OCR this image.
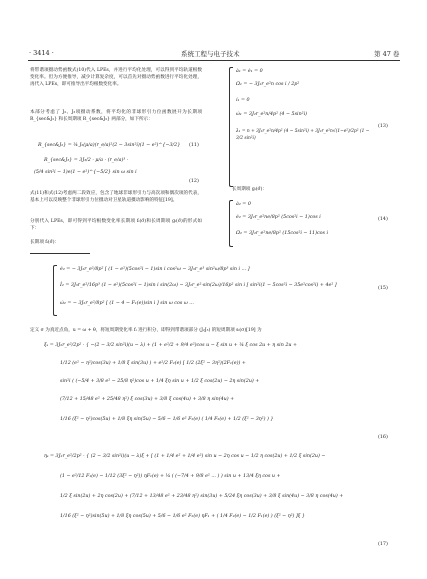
· 3414 ·	系统工程与电子技术	第 47 卷
将带谐项摄动势函数式(10)代入 LPEs，并进行平均化处理，可以得到平均轨道根数变化率。但为方便推导，减少计算复杂度，可以首先对摄动势函数进行平均化处理，再代入 LPEs，即可推导出平均根数变化率。
本部分考虑了 J₂、J₃项摄动系数，将平均化的非球形引力位函数展开为长期项 R_{sec&J₂} 和长周期项 R_{sec&J₃} 两部分，如下所示：
R_{sec&J₂} = ¼ J₂(μ/a)(r_e/a)²(2 − 3sin²i)(1 − e²)^{−3/2} (11)
R_{sec&J₃} = 3J₃/2 · μ/a · (r_e/a)³ ·
(5/4 sin²i − 1)e(1 − e²)^{−5/2} sin ω sin i
(12)
式(11)和式(12)考虑两二段效应，包含了地球非球形引力与高次项和偶次项的代表，基本上可以反映整个非球形引力位摄动对卫星轨道摄动影响的特征[19]。
分别代入 LPEs，即可得到平均根数变化率长期项 fᵢ(σ̄)和长周期项 gᵢ(σ̄)的形式如下：
长期项 fᵢ(σ̄)：
ȧ₁ = ė₁ = 0
Ω̇₁ = − 3J₂r_e²n cos i / 2p²
i̇₁ = 0
ω̇₁ = 3J₂r_e²n/4p² (4 − 5sin²i)
λ̇₁ = n + 3J₂r_e²n/4p² (4 − 5sin²i) + 3J₂r_e²n√(1−e²)/2p² (1 − 3/2 sin²i)
(13)
长周期项 gᵢ(σ̄)：
ȧ₂ = 0
ė₂ = 3J₂r_e²ne/8p² (5cos²i − 1)cos i
Ω̇₂ = 3J₂r_e²ne/8p² (15cos²i − 11)cos i
(14)
ė₂ = − 3J₂r_e²/8p² [ (1 − e²)(5cos²i − 1)sin i cos²ω − 3J₃r_e³ sin²ω/8p³ sin i ... ]
İ₂ = 3J₃r_e²/16p³ (1 − e²)(5cos²i − 1)sin i sin(2ω) − 3J₂r_e²·sin(2ω)/16p² sin i [ sin²i(1 − 5cos²i − 35e²cos²i) + 4e² ]
ω̇₂ = − 3J₂r_e²/8p² [ (1 − 4 − F₁(e))sin i ] sin ω cos ω ...
(15)
定义 σ 为真近点角，u = ω + θ，将短周期变化率 fᵢ 进行积分，即得到带谐项部分 (J₂J₃) 的短周期项 sᵢ(σ)[19] 为
ξₛ = 3J₂r_e²/2p² · { −(2 − 3/2 sin²i)(u − λ) + (1 + e²/2 + 9/4 e²)cos u − ξ sin u + ¼ ξ cos 2u + η sin 2u +
1/12 (e² − η²)cos(3u) + 1/8 ξ sin(3u) ) + e²/2 F₂(e) [ 1/2 (2ξ² − 3η²)(2F₁(e)) +
sin²i ( (−5/4 + 3/8 e² − 25/8 η²)cos u + 1/4 ξη sin u + 1/2 ξ cos(2u) − 2η sin(2u) +
(7/12 + 15/48 e² + 25/48 η²) ξ cos(3u) + 3/8 ξ cos(4u) + 3/8 η sin(4u) +
1/16 (ξ² − η²)cos(5u) + 1/8 ξη sin(5u) − 5/6 − 1/6 e² F₂(e) ( 1/4 F₂(e) + 1/2 (ξ² − 3η²) ) }
(16)
ηₛ = 3J₂r_e²/2p² · { (2 − 3/2 sin²i)(u − λ)ξ + [ (1 + 1/4 e² + 1/4 e²) sin u − 2η cos u − 1/2 η cos(2u) + 1/2 ξ sin(2u) −
(1 − e²/12 F₁(e) − 1/12 (3ξ² − η²)) ηF₁(e) + ¼ ( (−7/4 + 9/8 e² ... ) ) sin u + 13/4 ξη cos u +
1/2 ξ sin(2u) + 2η cos(2u) + (7/12 + 13/48 e² + 23/48 η²) sin(3u) + 5/24 ξη cos(3u) + 3/8 ξ sin(4u) − 3/8 η cos(4u) +
1/16 (ξ² − η²)sin(5u) + 1/8 ξη cos(5u) + 5/6 − 1/6 e² F₂(e) ηF₁ + ( 1/4 F₂(e) − 1/2 F₁(e) ) (ξ² − η²) ]ξ }
(17)
